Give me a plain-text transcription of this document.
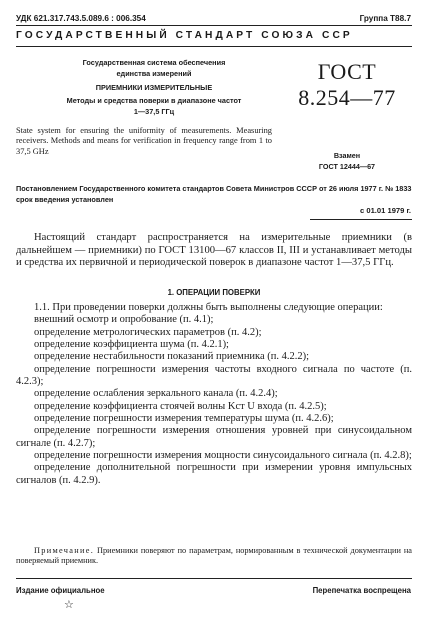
УДК 621.317.743.5.089.6 : 006.354	Группа Т88.7
ГОСУДАРСТВЕННЫЙ СТАНДАРТ СОЮЗА ССР
Государственная система обеспечения
единства измерений
ПРИЕМНИКИ ИЗМЕРИТЕЛЬНЫЕ
Методы и средства поверки в диапазоне частот
1—37,5 ГГц
ГОСТ
8.254—77

State system for ensuring the uniformity of measurements. Measuring receivers. Methods and means for verification in frequency range from 1 to 37,5 GHz	Взамен
ГОСТ 12444—67

Постановлением Государственного комитета стандартов Совета Министров СССР от 26 июля 1977 г. № 1833 срок введения установлен

с 01.01 1979 г.

Настоящий стандарт распространяется на измерительные приемники (в дальнейшем — приемники) по ГОСТ 13100—67 классов II, III и устанавливает методы и средства их первичной и периодической поверок в диапазоне частот 1—37,5 ГГц.

1. ОПЕРАЦИИ ПОВЕРКИ

1.1. При проведении поверки должны быть выполнены следующие операции:

внешний осмотр и опробование (п. 4.1);

определение метрологических параметров (п. 4.2);

определение коэффициента шума (п. 4.2.1);

определение нестабильности показаний приемника (п. 4.2.2);

определение погрешности измерения частоты входного сигнала по частоте (п. 4.2.3);

определение ослабления зеркального канала (п. 4.2.4);

определение коэффициента стоячей волны Kст U входа (п. 4.2.5);

определение погрешности измерения температуры шума (п. 4.2.6);

определение погрешности измерения отношения уровней при синусоидальном сигнале (п. 4.2.7);

определение погрешности измерения мощности синусоидального сигнала (п. 4.2.8);

определение дополнительной погрешности при измерении уровня импульсных сигналов (п. 4.2.9).

Примечание. Приемники поверяют по параметрам, нормированным в технической документации на поверяемый приемник.

Издание официальное	Перепечатка воспрещена
☆
